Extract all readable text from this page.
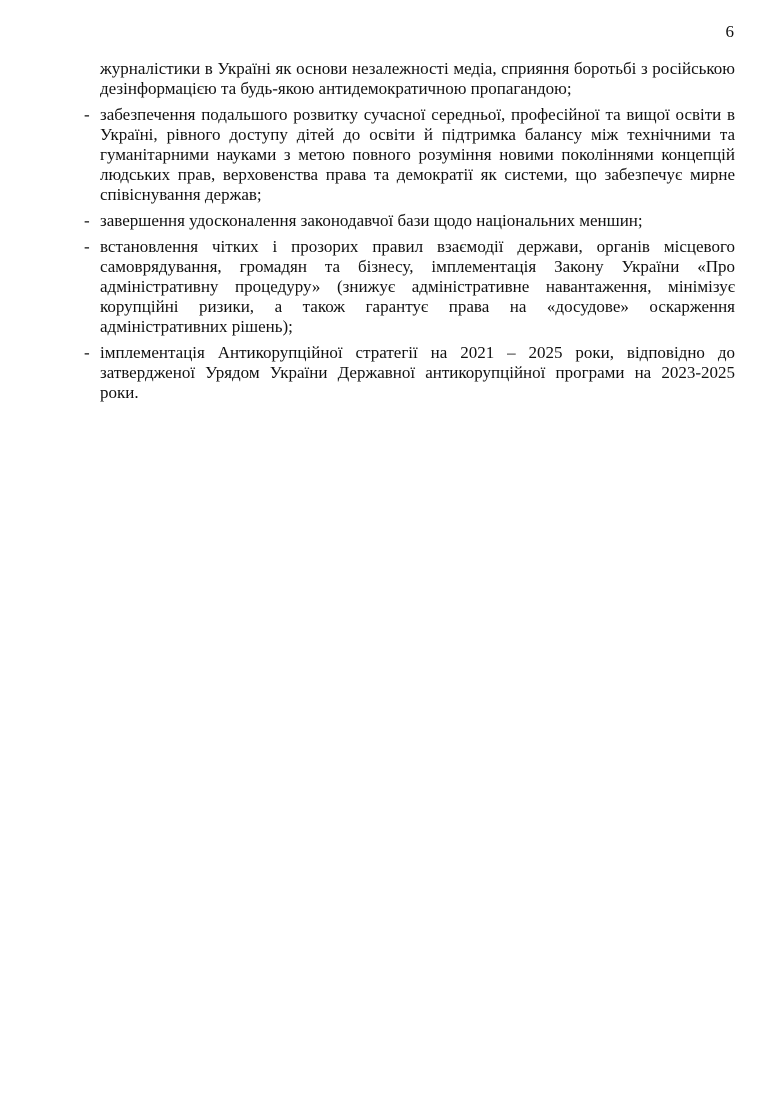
6

журналістики в Україні як основи незалежності медіа, сприяння боротьбі з російською дезінформацією та будь-якою антидемократичною пропагандою;

- забезпечення подальшого розвитку сучасної середньої, професійної та вищої освіти в Україні, рівного доступу дітей до освіти й підтримка балансу між технічними та гуманітарними науками з метою повного розуміння новими поколіннями концепцій людських прав, верховенства права та демократії як системи, що забезпечує мирне співіснування держав;
- завершення удосконалення законодавчої бази щодо національних меншин;
- встановлення чітких і прозорих правил взаємодії держави, органів місцевого самоврядування, громадян та бізнесу, імплементація Закону України «Про адміністративну процедуру» (знижує адміністративне навантаження, мінімізує корупційні ризики, а також гарантує права на «досудове» оскарження адміністративних рішень);
- імплементація Антикорупційної стратегії на 2021 – 2025 роки, відповідно до затвердженої Урядом України Державної антикорупційної програми на 2023-2025 роки.
